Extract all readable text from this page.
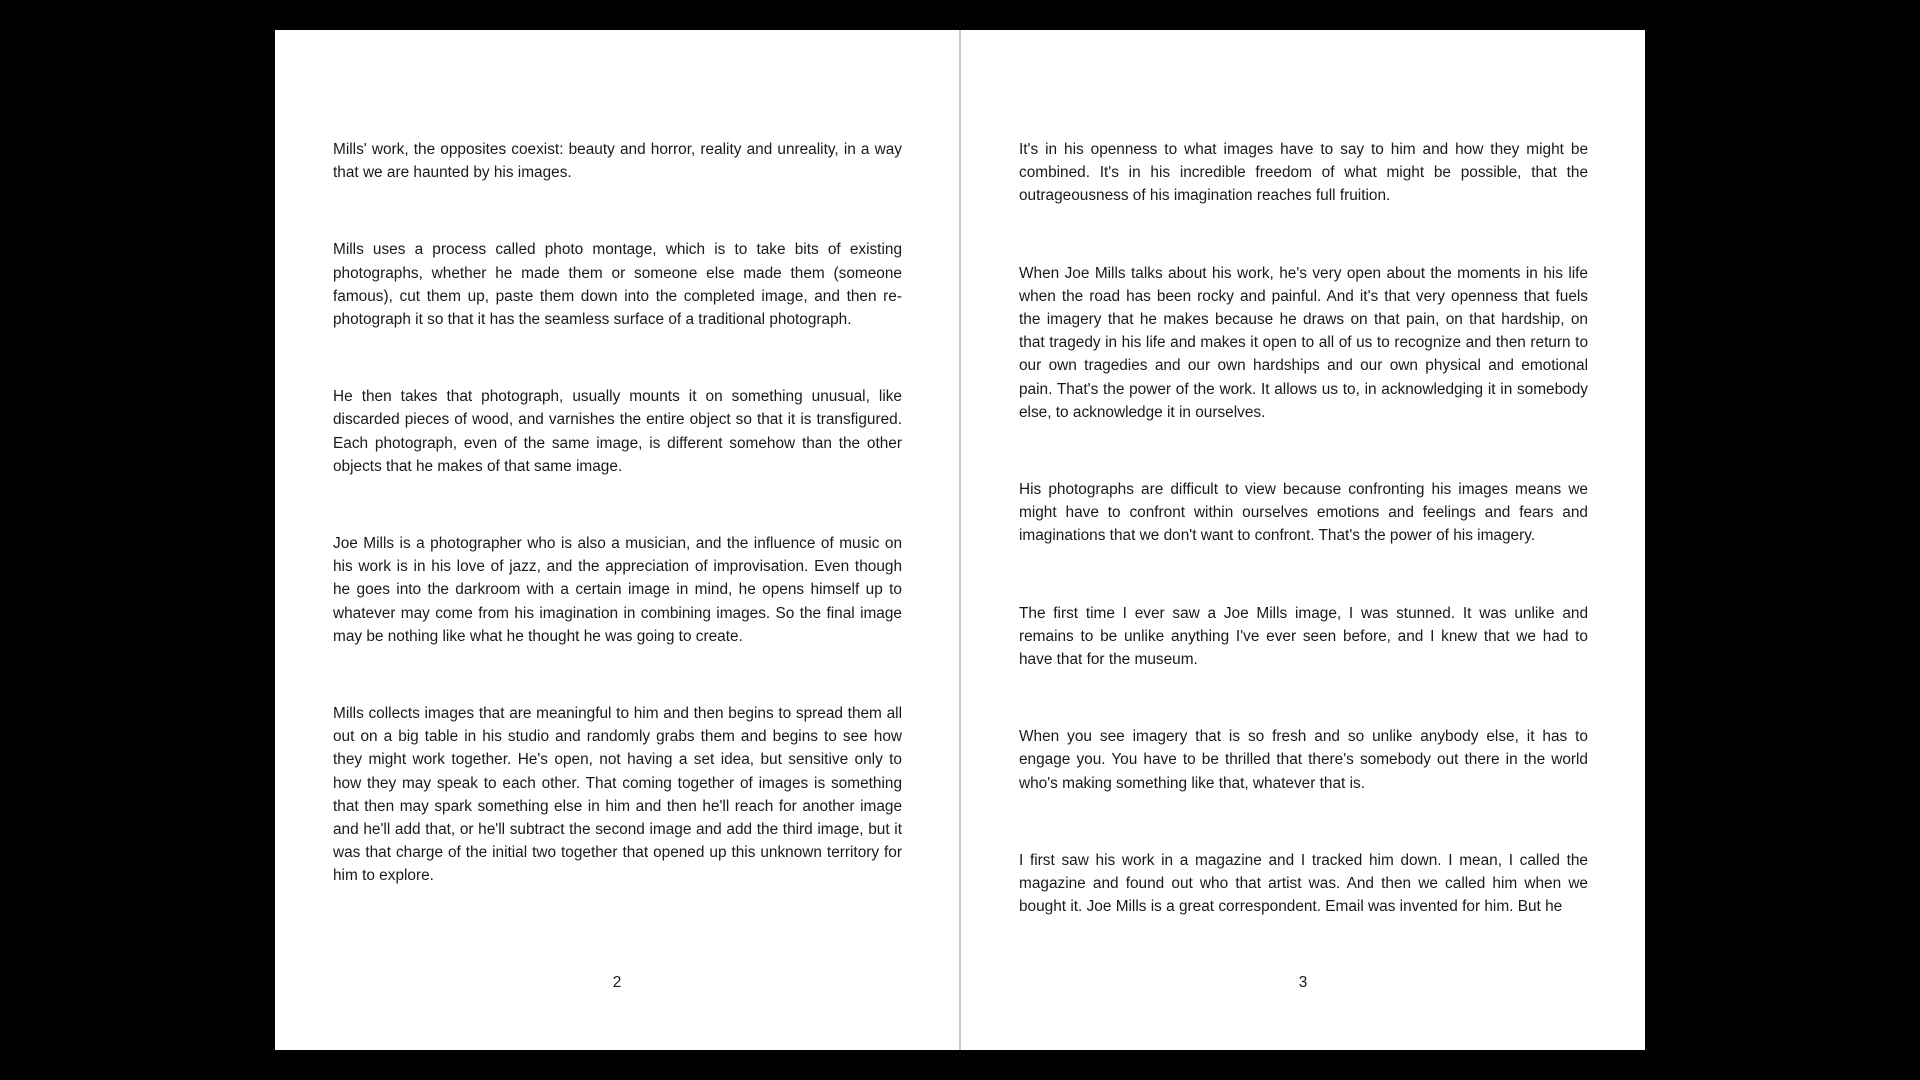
Mills' work, the opposites coexist: beauty and horror, reality and unreality, in a way that we are haunted by his images.

Mills uses a process called photo montage, which is to take bits of existing photographs, whether he made them or someone else made them (someone famous), cut them up, paste them down into the completed image, and then re-photograph it so that it has the seamless surface of a traditional photograph.

He then takes that photograph, usually mounts it on something unusual, like discarded pieces of wood, and varnishes the entire object so that it is transfigured. Each photograph, even of the same image, is different somehow than the other objects that he makes of that same image.

Joe Mills is a photographer who is also a musician, and the influence of music on his work is in his love of jazz, and the appreciation of improvisation. Even though he goes into the darkroom with a certain image in mind, he opens himself up to whatever may come from his imagination in combining images. So the final image may be nothing like what he thought he was going to create.

Mills collects images that are meaningful to him and then begins to spread them all out on a big table in his studio and randomly grabs them and begins to see how they might work together. He's open, not having a set idea, but sensitive only to how they may speak to each other. That coming together of images is something that then may spark something else in him and then he'll reach for another image and he'll add that, or he'll subtract the second image and add the third image, but it was that charge of the initial two together that opened up this unknown territory for him to explore.

2

It's in his openness to what images have to say to him and how they might be combined. It's in his incredible freedom of what might be possible, that the outrageousness of his imagination reaches full fruition.

When Joe Mills talks about his work, he's very open about the moments in his life when the road has been rocky and painful. And it's that very openness that fuels the imagery that he makes because he draws on that pain, on that hardship, on that tragedy in his life and makes it open to all of us to recognize and then return to our own tragedies and our own hardships and our own physical and emotional pain. That's the power of the work. It allows us to, in acknowledging it in somebody else, to acknowledge it in ourselves.

His photographs are difficult to view because confronting his images means we might have to confront within ourselves emotions and feelings and fears and imaginations that we don't want to confront. That's the power of his imagery.

The first time I ever saw a Joe Mills image, I was stunned. It was unlike and remains to be unlike anything I've ever seen before, and I knew that we had to have that for the museum.

When you see imagery that is so fresh and so unlike anybody else, it has to engage you. You have to be thrilled that there's somebody out there in the world who's making something like that, whatever that is.

I first saw his work in a magazine and I tracked him down. I mean, I called the magazine and found out who that artist was. And then we called him when we bought it. Joe Mills is a great correspondent. Email was invented for him. But he

3
